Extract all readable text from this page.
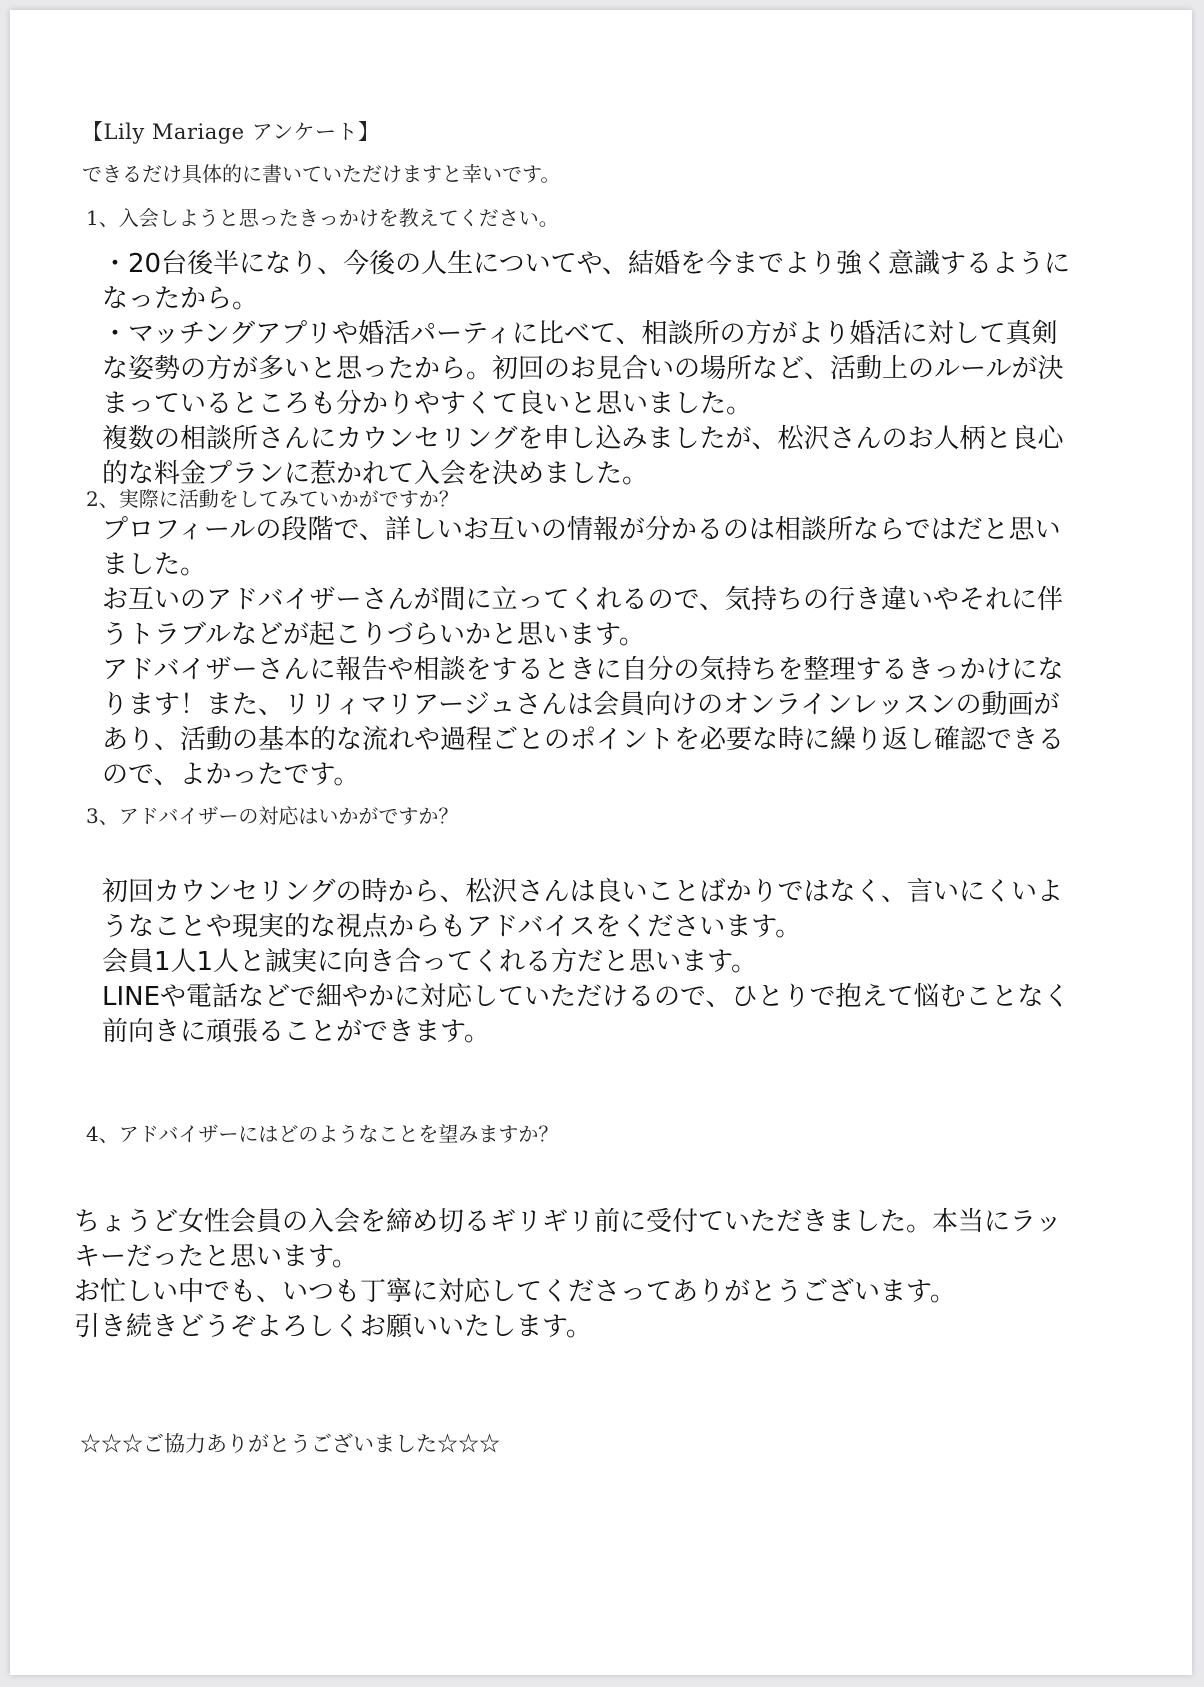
【Lily Mariage アンケート】
できるだけ具体的に書いていただけますと幸いです。
1、入会しようと思ったきっかけを教えてください。
・20台後半になり、今後の人生についてや、結婚を今までより強く意識するように
なったから。
・マッチングアプリや婚活パーティに比べて、相談所の方がより婚活に対して真剣
な姿勢の方が多いと思ったから。初回のお見合いの場所など、活動上のルールが決
まっているところも分かりやすくて良いと思いました。
複数の相談所さんにカウンセリングを申し込みましたが、松沢さんのお人柄と良心
的な料金プランに惹かれて入会を決めました。
2、実際に活動をしてみていかがですか？
プロフィールの段階で、詳しいお互いの情報が分かるのは相談所ならではだと思い
ました。
お互いのアドバイザーさんが間に立ってくれるので、気持ちの行き違いやそれに伴
うトラブルなどが起こりづらいかと思います。
アドバイザーさんに報告や相談をするときに自分の気持ちを整理するきっかけにな
ります！また、リリィマリアージュさんは会員向けのオンラインレッスンの動画が
あり、活動の基本的な流れや過程ごとのポイントを必要な時に繰り返し確認できる
ので、よかったです。
3、アドバイザーの対応はいかがですか？
初回カウンセリングの時から、松沢さんは良いことばかりではなく、言いにくいよ
うなことや現実的な視点からもアドバイスをくださいます。
会員1人1人と誠実に向き合ってくれる方だと思います。
LINEや電話などで細やかに対応していただけるので、ひとりで抱えて悩むことなく
前向きに頑張ることができます。
4、アドバイザーにはどのようなことを望みますか？
ちょうど女性会員の入会を締め切るギリギリ前に受付ていただきました。本当にラッ
キーだったと思います。
お忙しい中でも、いつも丁寧に対応してくださってありがとうございます。
引き続きどうぞよろしくお願いいたします。
☆☆☆ご協力ありがとうございました☆☆☆
